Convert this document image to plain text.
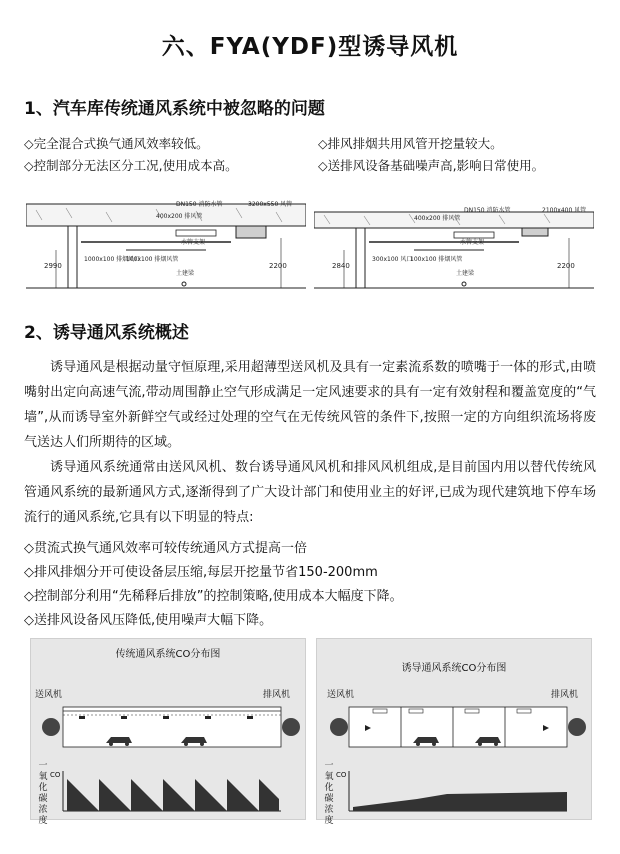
六、FYA(YDF)型诱导风机
1、汽车库传统通风系统中被忽略的问题
◇完全混合式换气通风效率较低。	◇排风排烟共用风管开挖量较大。
◇控制部分无法区分工况,使用成本高。	◇送排风设备基础噪声高,影响日常使用。
400x200 排风管
DN150 消防水管	3200x550 风管
1000x100 排烟风口
100x100 排烟风管
水管支架
土建梁
2990	2200
400x200 排风管
DN150 消防水管	2100x400 风管
300x100 风口
100x100 排烟风管
水管支架
土建梁
2840	2200
2、诱导通风系统概述

诱导通风是根据动量守恒原理,采用超薄型送风机及具有一定素流系数的喷嘴于一体的形式,由喷嘴射出定向高速气流,带动周围静止空气形成满足一定风速要求的具有一定有效射程和覆盖宽度的“气墙”,从而诱导室外新鲜空气或经过处理的空气在无传统风管的条件下,按照一定的方向组织流场将废气送达人们所期待的区域。

诱导通风系统通常由送风风机、数台诱导通风风机和排风风机组成,是目前国内用以替代传统风管通风系统的最新通风方式,逐渐得到了广大设计部门和使用业主的好评,已成为现代建筑地下停车场流行的通风系统,它具有以下明显的特点:

◇贯流式换气通风效率可较传统通风方式提高一倍
◇排风排烟分开可使设备层压缩,每层开挖量节省150-200mm
◇控制部分利用“先稀释后排放”的控制策略,使用成本大幅度下降。
◇送排风设备风压降低,使用噪声大幅下降。
传统通风系统CO分布图
送风机	排风机
一氧化碳浓度
CO
诱导通风系统CO分布图
送风机	排风机
一氧化碳浓度
CO
